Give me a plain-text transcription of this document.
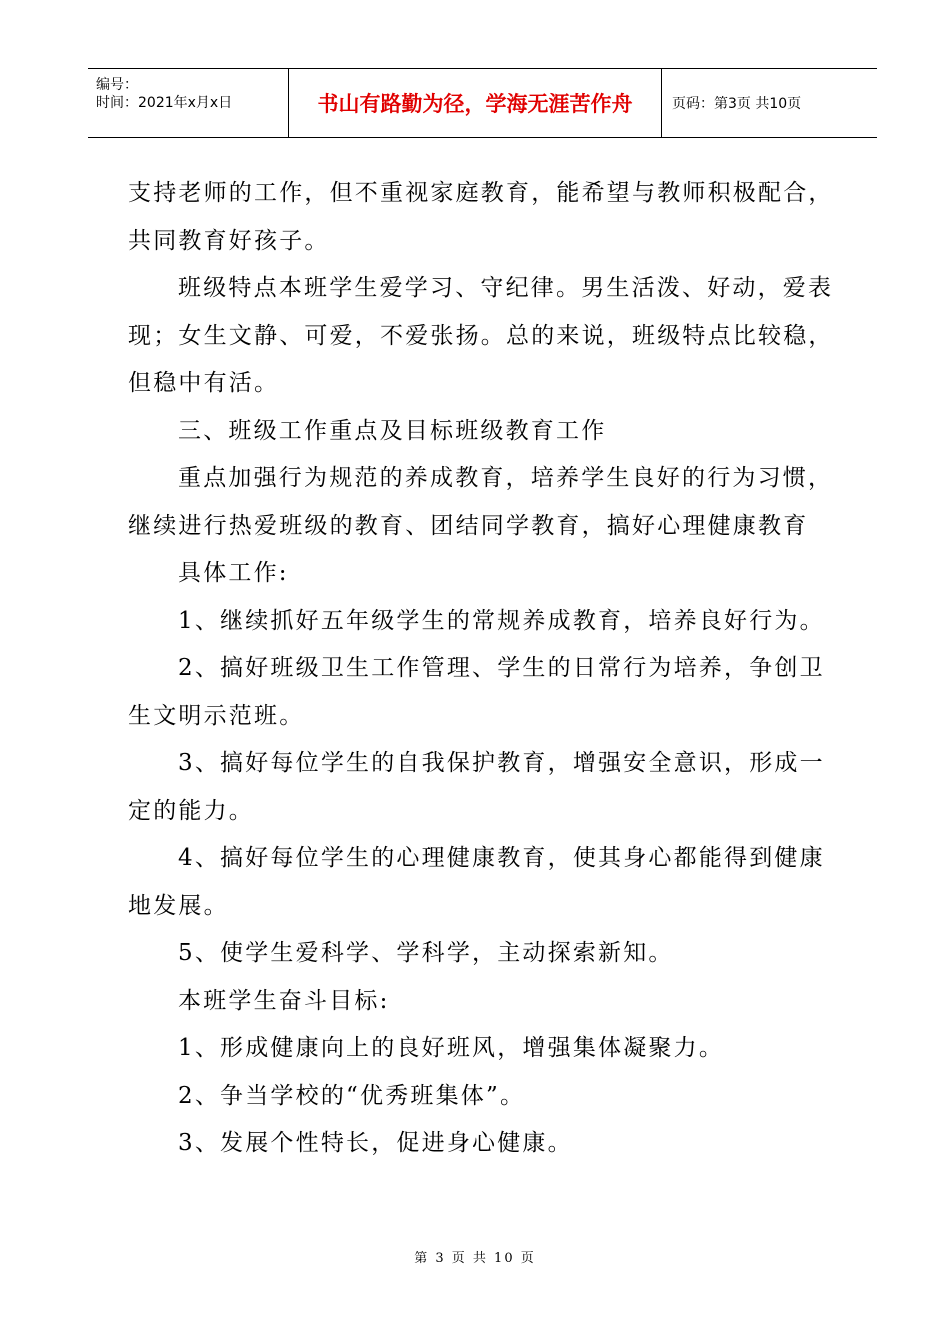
编号：
时间：2021年x月x日	书山有路勤为径，学海无涯苦作舟	页码：第3页 共10页

支持老师的工作，但不重视家庭教育，能希望与教师积极配合，共同教育好孩子。

班级特点本班学生爱学习、守纪律。男生活泼、好动，爱表现；女生文静、可爱，不爱张扬。总的来说，班级特点比较稳，但稳中有活。

三、班级工作重点及目标班级教育工作

重点加强行为规范的养成教育，培养学生良好的行为习惯，继续进行热爱班级的教育、团结同学教育，搞好心理健康教育

具体工作:

1、继续抓好五年级学生的常规养成教育，培养良好行为。

2、搞好班级卫生工作管理、学生的日常行为培养，争创卫生文明示范班。

3、搞好每位学生的自我保护教育，增强安全意识，形成一定的能力。

4、搞好每位学生的心理健康教育，使其身心都能得到健康地发展。

5、使学生爱科学、学科学，主动探索新知。

本班学生奋斗目标:

1、形成健康向上的良好班风，增强集体凝聚力。

2、争当学校的“优秀班集体”。

3、发展个性特长，促进身心健康。

第 3 页 共 10 页
